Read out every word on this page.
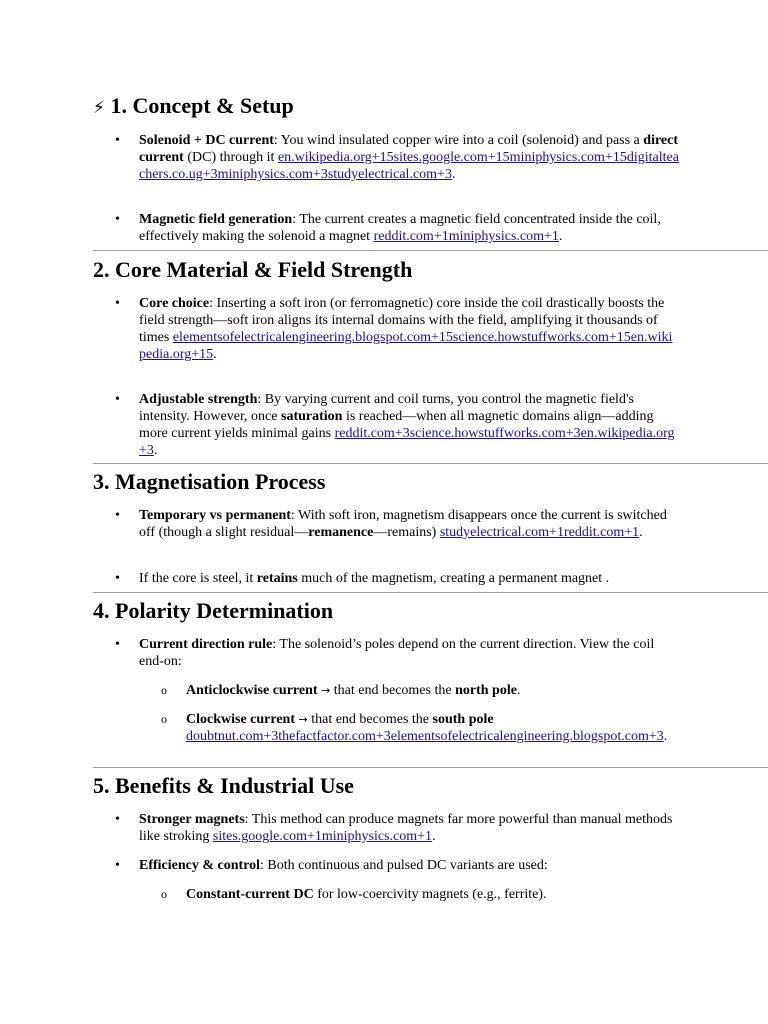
⚡ 1. Concept & Setup
•
Solenoid + DC current: You wind insulated copper wire into a coil (solenoid) and pass a direct current (DC) through it en.wikipedia.org+15sites.google.com+15miniphysics.com+15digitalteachers.co.ug+3miniphysics.com+3studyelectrical.com+3.
•
Magnetic field generation: The current creates a magnetic field concentrated inside the coil, effectively making the solenoid a magnet reddit.com+1miniphysics.com+1.
2. Core Material & Field Strength
•
Core choice: Inserting a soft iron (or ferromagnetic) core inside the coil drastically boosts the field strength—soft iron aligns its internal domains with the field, amplifying it thousands of times elementsofelectricalengineering.blogspot.com+15science.howstuffworks.com+15en.wikipedia.org+15.
•
Adjustable strength: By varying current and coil turns, you control the magnetic field's intensity. However, once saturation is reached—when all magnetic domains align—adding more current yields minimal gains reddit.com+3science.howstuffworks.com+3en.wikipedia.org+3.
3. Magnetisation Process
•
Temporary vs permanent: With soft iron, magnetism disappears once the current is switched off (though a slight residual—remanence—remains) studyelectrical.com+1reddit.com+1.
•
If the core is steel, it retains much of the magnetism, creating a permanent magnet .
4. Polarity Determination
•
Current direction rule: The solenoid’s poles depend on the current direction. View the coil end-on:
o Anticlockwise current → that end becomes the north pole.
o Clockwise current → that end becomes the south pole
doubtnut.com+3thefactfactor.com+3elementsofelectricalengineering.blogspot.com+3.
5. Benefits & Industrial Use
•
Stronger magnets: This method can produce magnets far more powerful than manual methods like stroking sites.google.com+1miniphysics.com+1.
•
Efficiency & control: Both continuous and pulsed DC variants are used:
o Constant-current DC for low-coercivity magnets (e.g., ferrite).
